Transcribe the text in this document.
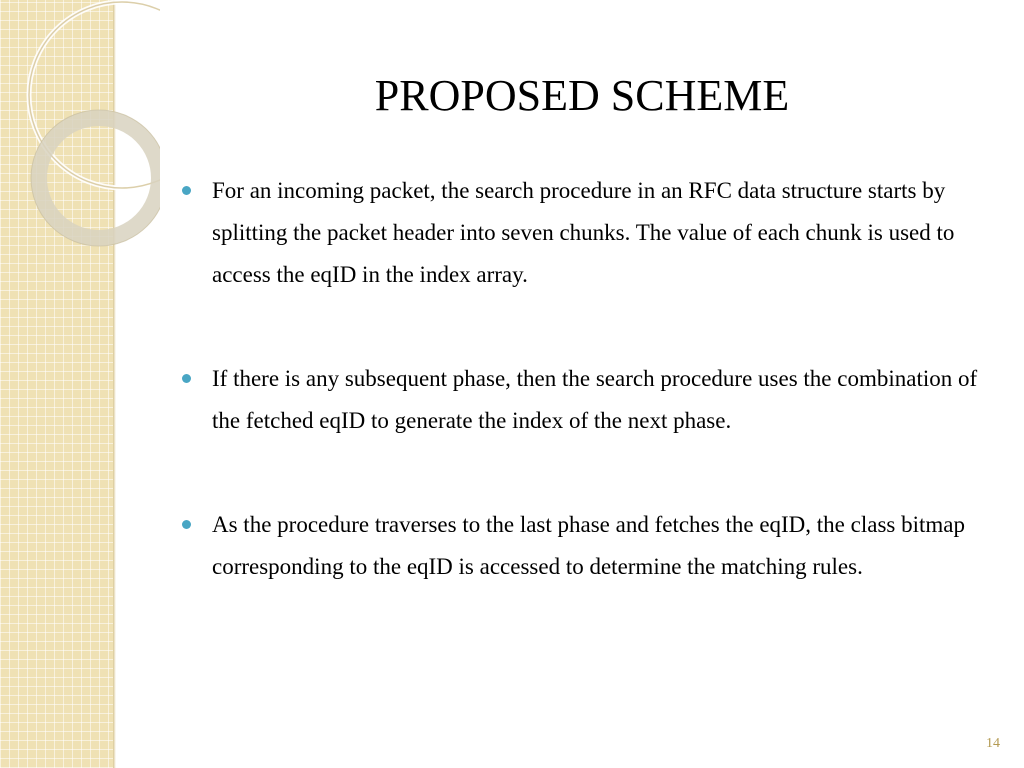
PROPOSED SCHEME
For an incoming packet, the search procedure in an RFC data structure starts by splitting the packet header into seven chunks. The value of each chunk is used to access the eqID in the index array.
If there is any subsequent phase, then the search procedure uses the combination of the fetched eqID to generate the index of the next phase.
As the procedure traverses to the last phase and fetches the eqID, the class bitmap corresponding to the eqID is accessed to determine the matching rules.
14
